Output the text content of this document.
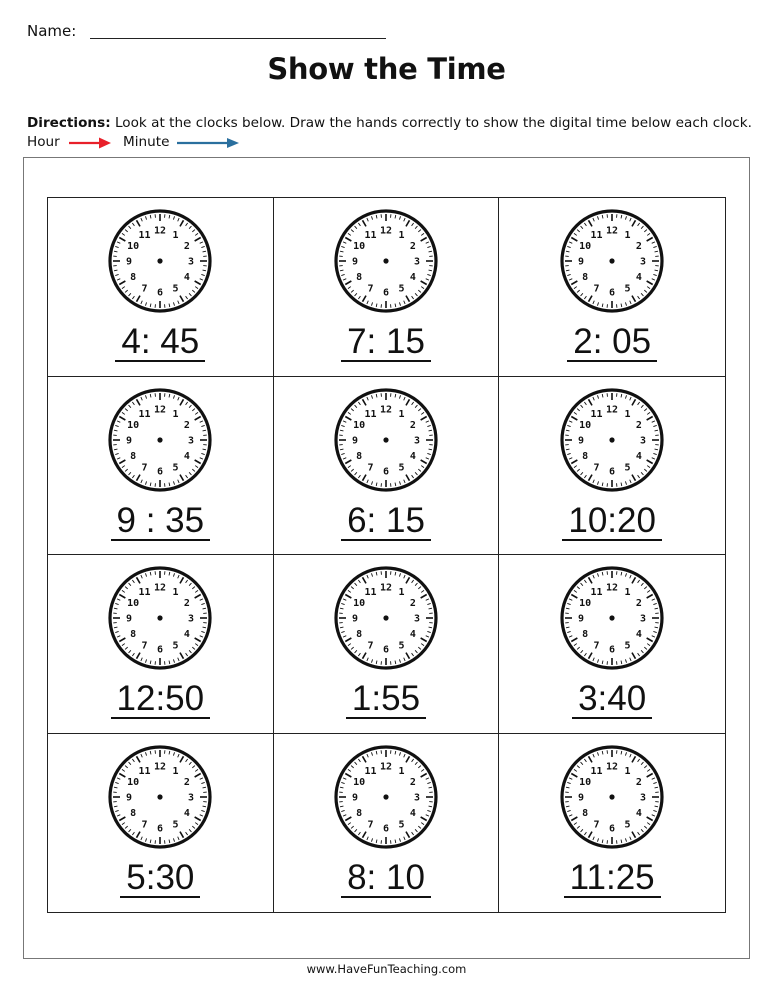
Name:
Show the Time
Directions: Look at the clocks below. Draw the hands correctly to show the digital time below each clock.
Hour	Minute
12 1
2
3
4
5
6
7
8
9
10
11
4: 45
12 1
2
3
4
5
6
7
8
9
10
11
7: 15
12 1
2
3
4
5
6
7
8
9
10
11
2: 05
12 1
2
3
4
5
6
7
8
9
10
11
9 : 35
12 1
2
3
4
5
6
7
8
9
10
11
6: 15
12 1
2
3
4
5
6
7
8
9
10
11
10:20
12 1
2
3
4
5
6
7
8
9
10
11
12:50
12 1
2
3
4
5
6
7
8
9
10
11
1:55
12 1
2
3
4
5
6
7
8
9
10
11
3:40
12 1
2
3
4
5
6
7
8
9
10
11
5:30
12 1
2
3
4
5
6
7
8
9
10
11
8: 10
12 1
2
3
4
5
6
7
8
9
10
11
11:25
www.HaveFunTeaching.com
